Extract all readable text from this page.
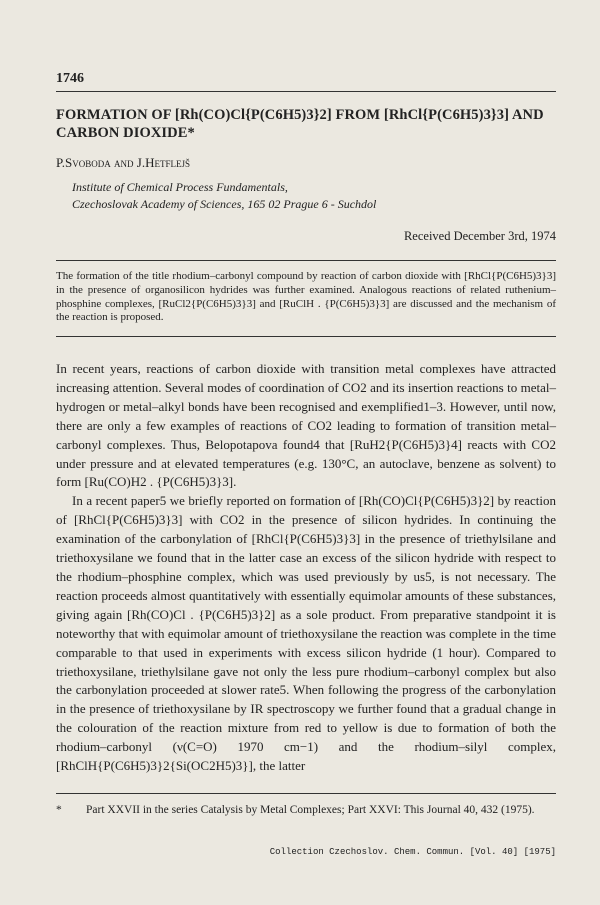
1746
FORMATION OF [Rh(CO)Cl{P(C6H5)3}2] FROM [RhCl{P(C6H5)3}3] AND CARBON DIOXIDE*
P.Svoboda and J.Hetflejš
Institute of Chemical Process Fundamentals,
Czechoslovak Academy of Sciences, 165 02 Prague 6 - Suchdol
Received December 3rd, 1974
The formation of the title rhodium–carbonyl compound by reaction of carbon dioxide with [RhCl{P(C6H5)3}3] in the presence of organosilicon hydrides was further examined. Analogous reactions of related ruthenium–phosphine complexes, [RuCl2{P(C6H5)3}3] and [RuClH . {P(C6H5)3}3] are discussed and the mechanism of the reaction is proposed.

In recent years, reactions of carbon dioxide with transition metal complexes have attracted increasing attention. Several modes of coordination of CO2 and its insertion reactions to metal–hydrogen or metal–alkyl bonds have been recognised and exemplified1–3. However, until now, there are only a few examples of reactions of CO2 leading to formation of transition metal–carbonyl complexes. Thus, Belopotapova found4 that [RuH2{P(C6H5)3}4] reacts with CO2 under pressure and at elevated temperatures (e.g. 130°C, an autoclave, benzene as solvent) to form [Ru(CO)H2 . {P(C6H5)3}3].

In a recent paper5 we briefly reported on formation of [Rh(CO)Cl{P(C6H5)3}2] by reaction of [RhCl{P(C6H5)3}3] with CO2 in the presence of silicon hydrides. In continuing the examination of the carbonylation of [RhCl{P(C6H5)3}3] in the presence of triethylsilane and triethoxysilane we found that in the latter case an excess of the silicon hydride with respect to the rhodium–phosphine complex, which was used previously by us5, is not necessary. The reaction proceeds almost quantitatively with essentially equimolar amounts of these substances, giving again [Rh(CO)Cl . {P(C6H5)3}2] as a sole product. From preparative standpoint it is noteworthy that with equimolar amount of triethoxysilane the reaction was complete in the time comparable to that used in experiments with excess silicon hydride (1 hour). Compared to triethoxysilane, triethylsilane gave not only the less pure rhodium–carbonyl complex but also the carbonylation proceeded at slower rate5. When following the progress of the carbonylation in the presence of triethoxysilane by IR spectroscopy we further found that a gradual change in the colouration of the reaction mixture from red to yellow is due to formation of both the rhodium–carbonyl (ν(C=O) 1970 cm−1) and the rhodium–silyl complex, [RhClH{P(C6H5)3}2{Si(OC2H5)3}], the latter

* Part XXVII in the series Catalysis by Metal Complexes; Part XXVI: This Journal 40, 432 (1975).
Collection Czechoslov. Chem. Commun. [Vol. 40] [1975]
